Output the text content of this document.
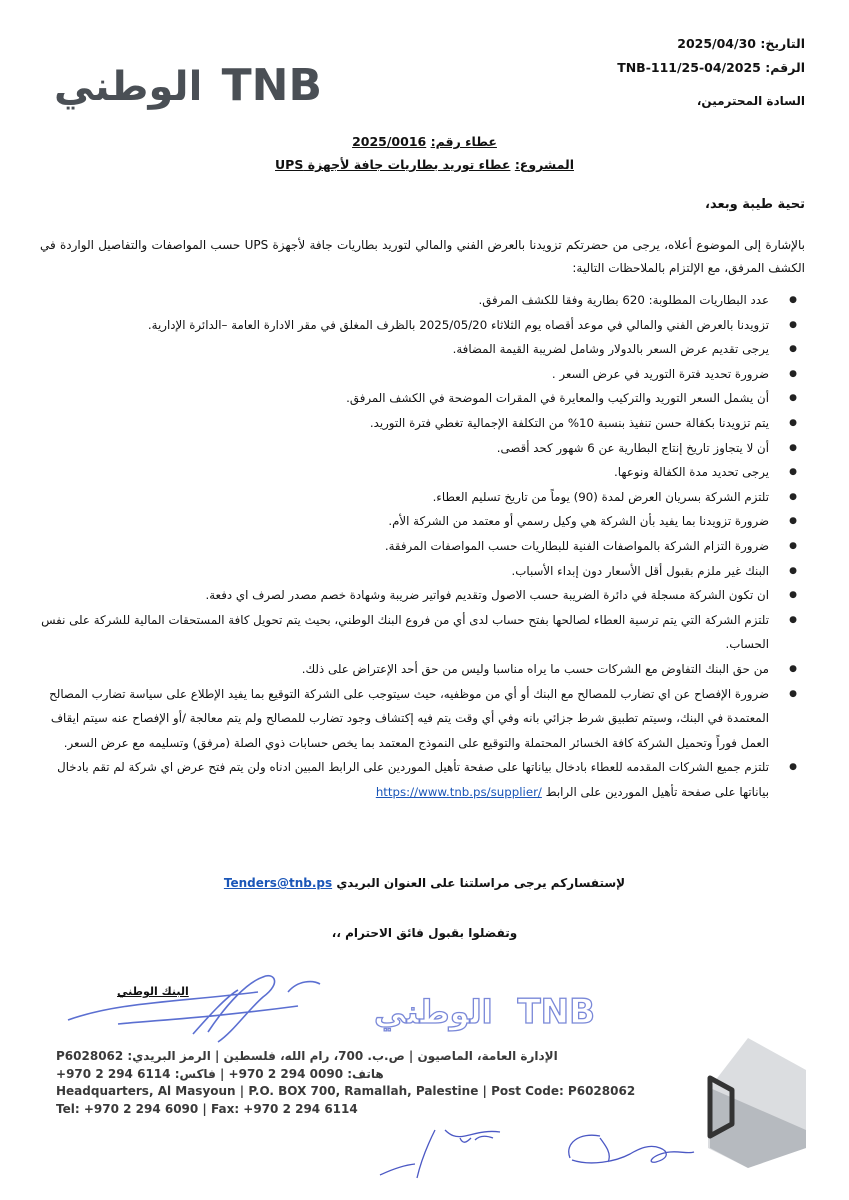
TNB
الوطني
التاريخ: 2025/04/30
الرقم: TNB-111/25-04/2025
السادة المحترمين،
عطاء رقم: 2025/0016
المشروع: عطاء توريد بطاريات جافة لأجهزة UPS
تحية طيبة وبعد،
بالإشارة إلى الموضوع أعلاه، يرجى من حضرتكم تزويدنا بالعرض الفني والمالي لتوريد بطاريات جافة لأجهزة UPS حسب المواصفات والتفاصيل الواردة في الكشف المرفق، مع الإلتزام بالملاحظات التالية:
● عدد البطاريات المطلوبة: 620 بطارية وفقا للكشف المرفق.
● تزويدنا بالعرض الفني والمالي في موعد أقصاه يوم الثلاثاء 2025/05/20 بالظرف المغلق في مقر الادارة العامة –الدائرة الإدارية.
● يرجى تقديم عرض السعر بالدولار وشامل لضريبة القيمة المضافة.
● ضرورة تحديد فترة التوريد في عرض السعر .
● أن يشمل السعر التوريد والتركيب والمعايرة في المقرات الموضحة في الكشف المرفق.
● يتم تزويدنا بكفالة حسن تنفيذ بنسبة 10% من التكلفة الإجمالية تغطي فترة التوريد.
● أن لا يتجاوز تاريخ إنتاج البطارية عن 6 شهور كحد أقصى.
● يرجى تحديد مدة الكفالة ونوعها.
● تلتزم الشركة بسريان العرض لمدة (90) يوماً من تاريخ تسليم العطاء.
● ضرورة تزويدنا بما يفيد بأن الشركة هي وكيل رسمي أو معتمد من الشركة الأم.
● ضرورة التزام الشركة بالمواصفات الفنية للبطاريات حسب المواصفات المرفقة.
● البنك غير ملزم بقبول أقل الأسعار دون إبداء الأسباب.
● ان تكون الشركة مسجلة في دائرة الضريبة حسب الاصول وتقديم فواتير ضريبة وشهادة خصم مصدر لصرف اي دفعة.
● تلتزم الشركة التي يتم ترسية العطاء لصالحها بفتح حساب لدى أي من فروع البنك الوطني، بحيث يتم تحويل كافة المستحقات المالية للشركة على نفس الحساب.
● من حق البنك التفاوض مع الشركات حسب ما يراه مناسبا وليس من حق أحد الإعتراض على ذلك.
● ضرورة الإفصاح عن اي تضارب للمصالح مع البنك أو أي من موظفيه، حيث سيتوجب على الشركة التوقيع بما يفيد الإطلاع على سياسة تضارب المصالح المعتمدة في البنك، وسيتم تطبيق شرط جزائي بانه وفي أي وقت يتم فيه إكتشاف وجود تضارب للمصالح ولم يتم معالجة /أو الإفصاح عنه سيتم ايقاف العمل فوراً وتحميل الشركة كافة الخسائر المحتملة والتوقيع على النموذج المعتمد بما يخص حسابات ذوي الصلة (مرفق) وتسليمه مع عرض السعر.
● تلتزم جميع الشركات المقدمه للعطاء بادخال بياناتها على صفحة تأهيل الموردين على الرابط المبين ادناه ولن يتم فتح عرض اي شركة لم تقم بادخال بياناتها على صفحة تأهيل الموردين على الرابط https://www.tnb.ps/supplier/
لإستفساركم يرجى مراسلتنا على العنوان البريدي Tenders@tnb.ps
وتفضلوا بقبول فائق الاحترام ،،
البنك الوطني
TNB
الوطني
الإدارة العامة، الماصيون | ص.ب. 700، رام الله، فلسطين | الرمز البريدي: P6028062
هاتف: 0090 294 2 970+ | فاكس: 6114 294 2 970+
Headquarters, Al Masyoun | P.O. BOX 700, Ramallah, Palestine | Post Code: P6028062
Tel: +970 2 294 6090 | Fax: +970 2 294 6114
